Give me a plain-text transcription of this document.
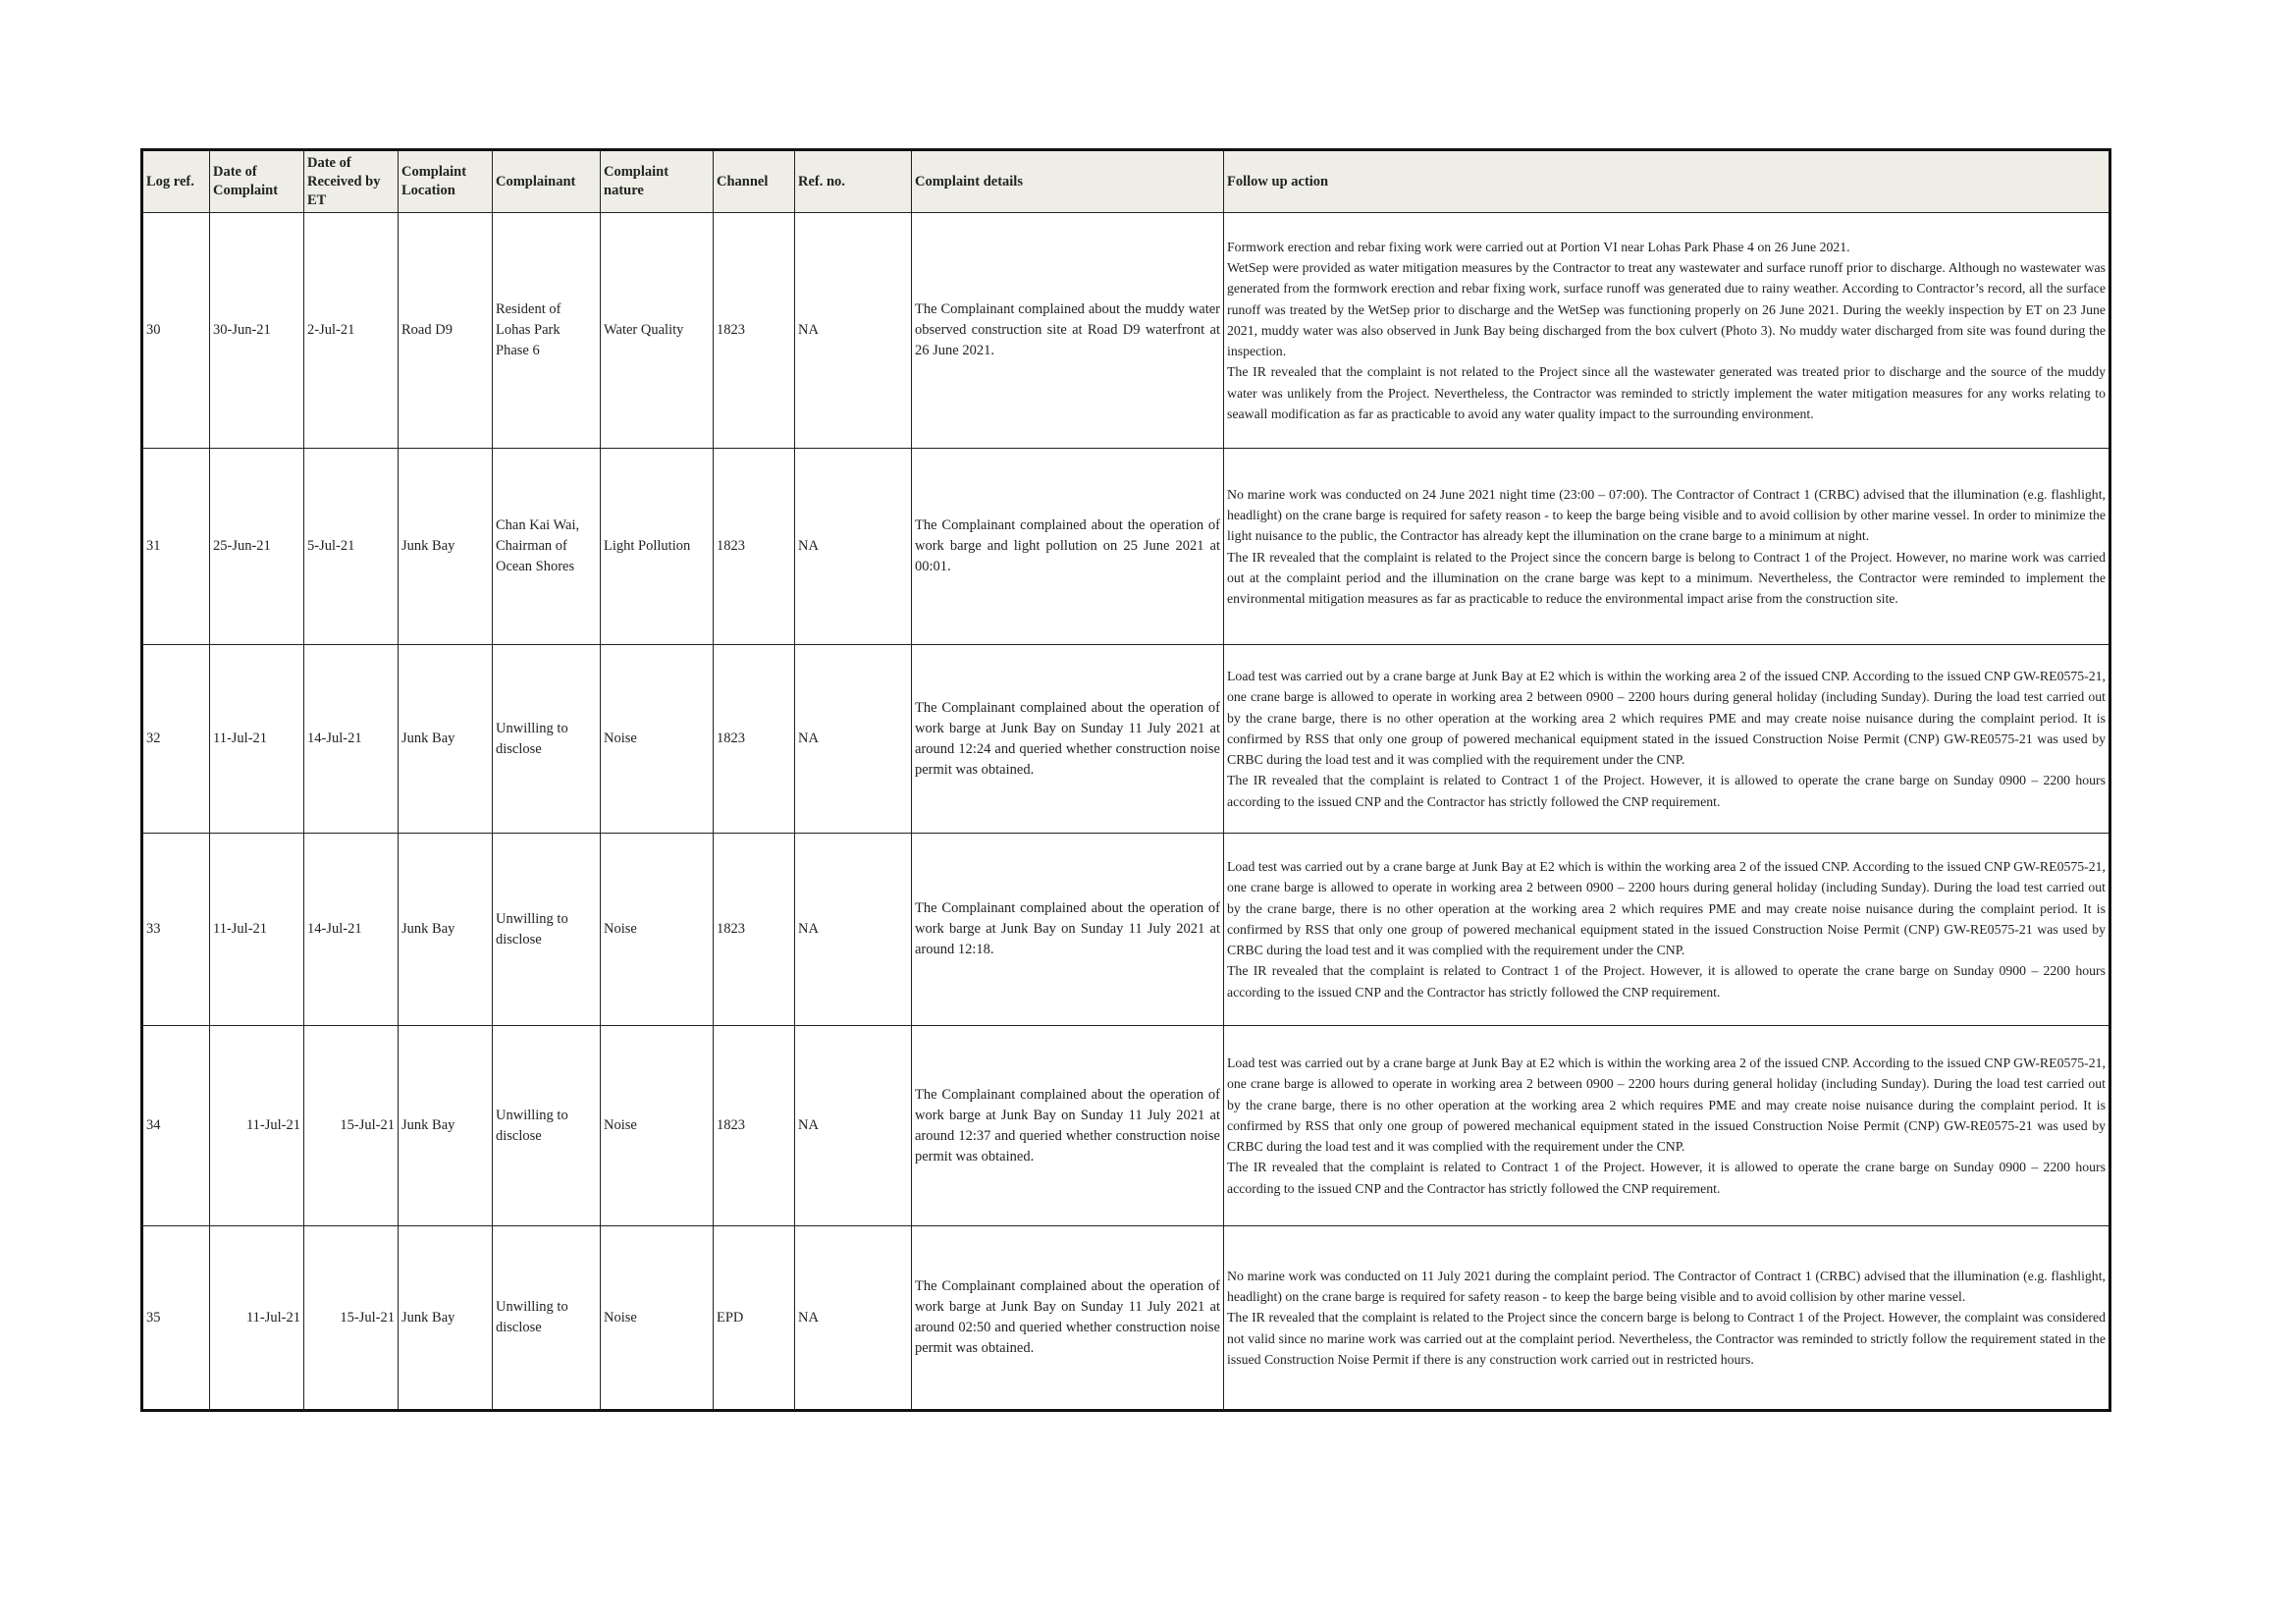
Log ref.	Date of Complaint	Date of Received by ET	Complaint Location	Complainant	Complaint nature	Channel	Ref. no.	Complaint details	Follow up action
30	30-Jun-21	2-Jul-21	Road D9	Resident of Lohas Park Phase 6	Water Quality	1823	NA	The Complainant complained about the muddy water observed construction site at Road D9 waterfront at 26 June 2021.	Formwork erection and rebar fixing work were carried out at Portion VI near Lohas Park Phase 4 on 26 June 2021.
WetSep were provided as water mitigation measures by the Contractor to treat any wastewater and surface runoff prior to discharge. Although no wastewater was generated from the formwork erection and rebar fixing work, surface runoff was generated due to rainy weather. According to Contractor’s record, all the surface runoff was treated by the WetSep prior to discharge and the WetSep was functioning properly on 26 June 2021. During the weekly inspection by ET on 23 June 2021, muddy water was also observed in Junk Bay being discharged from the box culvert (Photo 3). No muddy water discharged from site was found during the inspection.
The IR revealed that the complaint is not related to the Project since all the wastewater generated was treated prior to discharge and the source of the muddy water was unlikely from the Project. Nevertheless, the Contractor was reminded to strictly implement the water mitigation measures for any works relating to seawall modification as far as practicable to avoid any water quality impact to the surrounding environment.

31	25-Jun-21	5-Jul-21	Junk Bay	Chan Kai Wai, Chairman of Ocean Shores	Light Pollution	1823	NA	The Complainant complained about the operation of work barge and light pollution on 25 June 2021 at 00:01.	No marine work was conducted on 24 June 2021 night time (23:00 – 07:00). The Contractor of Contract 1 (CRBC) advised that the illumination (e.g. flashlight, headlight) on the crane barge is required for safety reason - to keep the barge being visible and to avoid collision by other marine vessel. In order to minimize the light nuisance to the public, the Contractor has already kept the illumination on the crane barge to a minimum at night.
The IR revealed that the complaint is related to the Project since the concern barge is belong to Contract 1 of the Project. However, no marine work was carried out at the complaint period and the illumination on the crane barge was kept to a minimum. Nevertheless, the Contractor were reminded to implement the environmental mitigation measures as far as practicable to reduce the environmental impact arise from the construction site.

32	11-Jul-21	14-Jul-21	Junk Bay	Unwilling to disclose	Noise	1823	NA	The Complainant complained about the operation of work barge at Junk Bay on Sunday 11 July 2021 at around 12:24 and queried whether construction noise permit was obtained.	Load test was carried out by a crane barge at Junk Bay at E2 which is within the working area 2 of the issued CNP. According to the issued CNP GW-RE0575-21, one crane barge is allowed to operate in working area 2 between 0900 – 2200 hours during general holiday (including Sunday). During the load test carried out by the crane barge, there is no other operation at the working area 2 which requires PME and may create noise nuisance during the complaint period. It is confirmed by RSS that only one group of powered mechanical equipment stated in the issued Construction Noise Permit (CNP) GW-RE0575-21 was used by CRBC during the load test and it was complied with the requirement under the CNP.
The IR revealed that the complaint is related to Contract 1 of the Project. However, it is allowed to operate the crane barge on Sunday 0900 – 2200 hours according to the issued CNP and the Contractor has strictly followed the CNP requirement.

33	11-Jul-21	14-Jul-21	Junk Bay	Unwilling to disclose	Noise	1823	NA	The Complainant complained about the operation of work barge at Junk Bay on Sunday 11 July 2021 at around 12:18.	Load test was carried out by a crane barge at Junk Bay at E2 which is within the working area 2 of the issued CNP. According to the issued CNP GW-RE0575-21, one crane barge is allowed to operate in working area 2 between 0900 – 2200 hours during general holiday (including Sunday). During the load test carried out by the crane barge, there is no other operation at the working area 2 which requires PME and may create noise nuisance during the complaint period. It is confirmed by RSS that only one group of powered mechanical equipment stated in the issued Construction Noise Permit (CNP) GW-RE0575-21 was used by CRBC during the load test and it was complied with the requirement under the CNP.
The IR revealed that the complaint is related to Contract 1 of the Project. However, it is allowed to operate the crane barge on Sunday 0900 – 2200 hours according to the issued CNP and the Contractor has strictly followed the CNP requirement.

34	11-Jul-21	15-Jul-21	Junk Bay	Unwilling to disclose	Noise	1823	NA	The Complainant complained about the operation of work barge at Junk Bay on Sunday 11 July 2021 at around 12:37 and queried whether construction noise permit was obtained.	Load test was carried out by a crane barge at Junk Bay at E2 which is within the working area 2 of the issued CNP. According to the issued CNP GW-RE0575-21, one crane barge is allowed to operate in working area 2 between 0900 – 2200 hours during general holiday (including Sunday). During the load test carried out by the crane barge, there is no other operation at the working area 2 which requires PME and may create noise nuisance during the complaint period. It is confirmed by RSS that only one group of powered mechanical equipment stated in the issued Construction Noise Permit (CNP) GW-RE0575-21 was used by CRBC during the load test and it was complied with the requirement under the CNP.
The IR revealed that the complaint is related to Contract 1 of the Project. However, it is allowed to operate the crane barge on Sunday 0900 – 2200 hours according to the issued CNP and the Contractor has strictly followed the CNP requirement.

35	11-Jul-21	15-Jul-21	Junk Bay	Unwilling to disclose	Noise	EPD	NA	The Complainant complained about the operation of work barge at Junk Bay on Sunday 11 July 2021 at around 02:50 and queried whether construction noise permit was obtained.	No marine work was conducted on 11 July 2021 during the complaint period. The Contractor of Contract 1 (CRBC) advised that the illumination (e.g. flashlight, headlight) on the crane barge is required for safety reason - to keep the barge being visible and to avoid collision by other marine vessel.
The IR revealed that the complaint is related to the Project since the concern barge is belong to Contract 1 of the Project. However, the complaint was considered not valid since no marine work was carried out at the complaint period. Nevertheless, the Contractor was reminded to strictly follow the requirement stated in the issued Construction Noise Permit if there is any construction work carried out in restricted hours.
